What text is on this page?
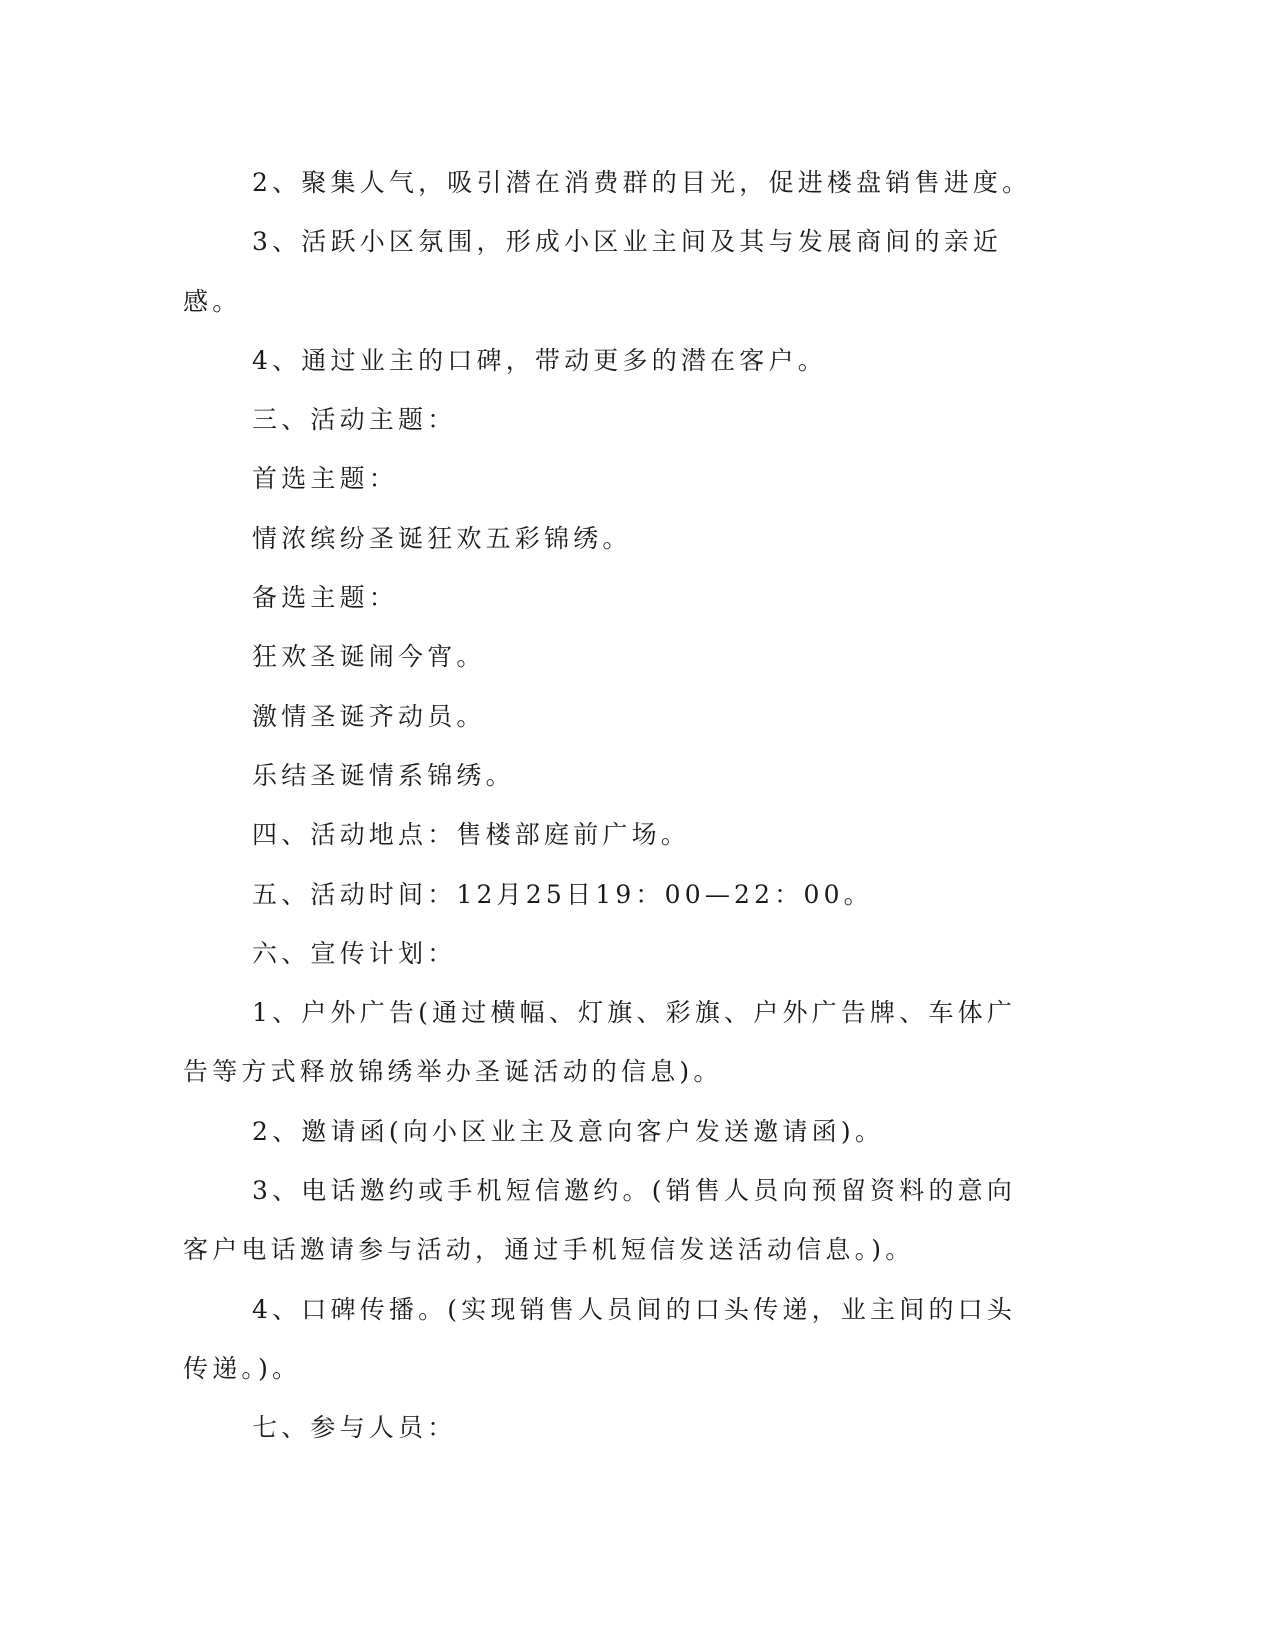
2、聚集人气，吸引潜在消费群的目光，促进楼盘销售进度。

3、活跃小区氛围，形成小区业主间及其与发展商间的亲近感。

4、通过业主的口碑，带动更多的潜在客户。

三、活动主题：

首选主题：

情浓缤纷圣诞狂欢五彩锦绣。

备选主题：

狂欢圣诞闹今宵。

激情圣诞齐动员。

乐结圣诞情系锦绣。

四、活动地点：售楼部庭前广场。

五、活动时间：12月25日19：00—22：00。

六、宣传计划：

1、户外广告(通过横幅、灯旗、彩旗、户外广告牌、车体广告等方式释放锦绣举办圣诞活动的信息)。

2、邀请函(向小区业主及意向客户发送邀请函)。

3、电话邀约或手机短信邀约。(销售人员向预留资料的意向客户电话邀请参与活动，通过手机短信发送活动信息。)。

4、口碑传播。(实现销售人员间的口头传递，业主间的口头传递。)。

七、参与人员：
